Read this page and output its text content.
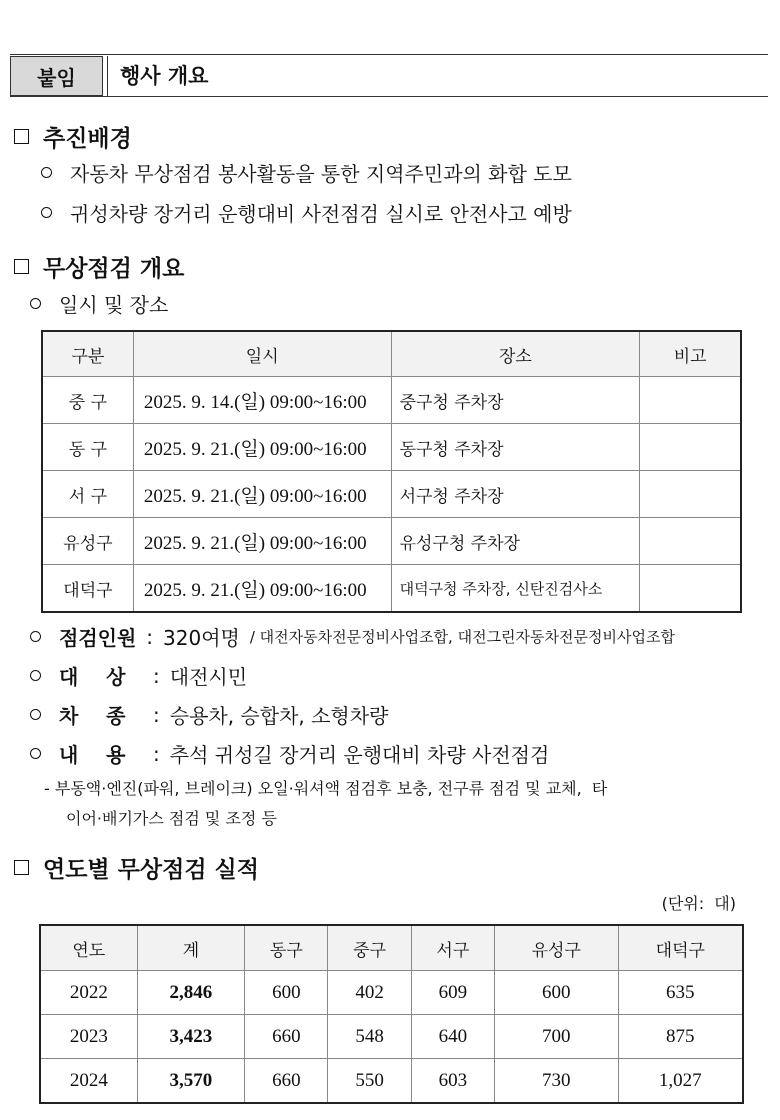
붙임 행사 개요
추진배경
자동차 무상점검 봉사활동을 통한 지역주민과의 화합 도모
귀성차량 장거리 운행대비 사전점검 실시로 안전사고 예방
무상점검 개요
일시 및 장소
구분	일시	장소	비고
중 구	2025. 9. 14.(일) 09:00~16:00	중구청 주차장	
동 구	2025. 9. 21.(일) 09:00~16:00	동구청 주차장	
서 구	2025. 9. 21.(일) 09:00~16:00	서구청 주차장	
유성구	2025. 9. 21.(일) 09:00~16:00	유성구청 주차장	
대덕구	2025. 9. 21.(일) 09:00~16:00	대덕구청 주차장, 신탄진검사소	
점검인원 : 320여명 / 대전자동차전문정비사업조합, 대전그린자동차전문정비사업조합
대    상	: 대전시민
차    종	: 승용차, 승합차, 소형차량
내    용	: 추석 귀성길 장거리 운행대비 차량 사전점검
- 부동액·엔진(파워, 브레이크) 오일·워셔액 점검후 보충, 전구류 점검 및 교체,  타
이어·배기가스 점검 및 조정 등
연도별 무상점검 실적
(단위:  대)
연도	계	동구	중구	서구	유성구	대덕구
2022	2,846	600	402	609	600	635
2023	3,423	660	548	640	700	875
2024	3,570	660	550	603	730	1,027
